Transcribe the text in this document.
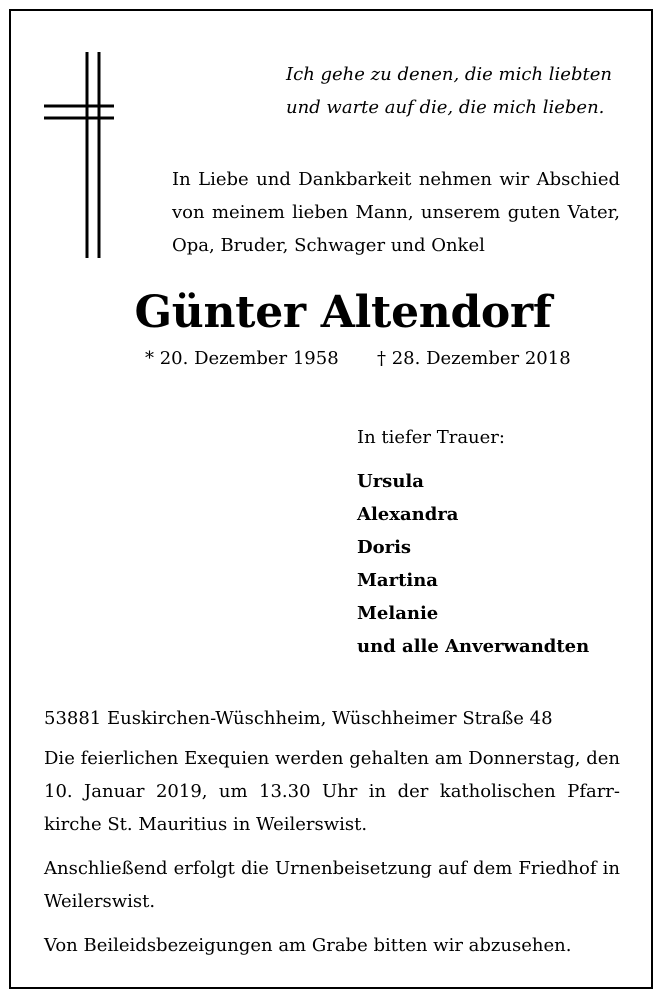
Ich gehe zu denen, die mich liebten
und warte auf die, die mich lieben.
In Liebe und Dankbarkeit nehmen wir Abschied
von meinem lieben Mann, unserem guten Vater,
Opa, Bruder, Schwager und Onkel
Günter Altendorf
* 20. Dezember 1958 † 28. Dezember 2018
In tiefer Trauer:
Ursula
Alexandra
Doris
Martina
Melanie
und alle Anverwandten

53881 Euskirchen-Wüschheim, Wüschheimer Straße 48

Die feierlichen Exequien werden gehalten am Donnerstag, den 10. Januar 2019, um 13.30 Uhr in der katholischen Pfarr-kirche St. Mauritius in Weilerswist.

Anschließend erfolgt die Urnenbeisetzung auf dem Friedhof in Weilerswist.

Von Beileidsbezeigungen am Grabe bitten wir abzusehen.
